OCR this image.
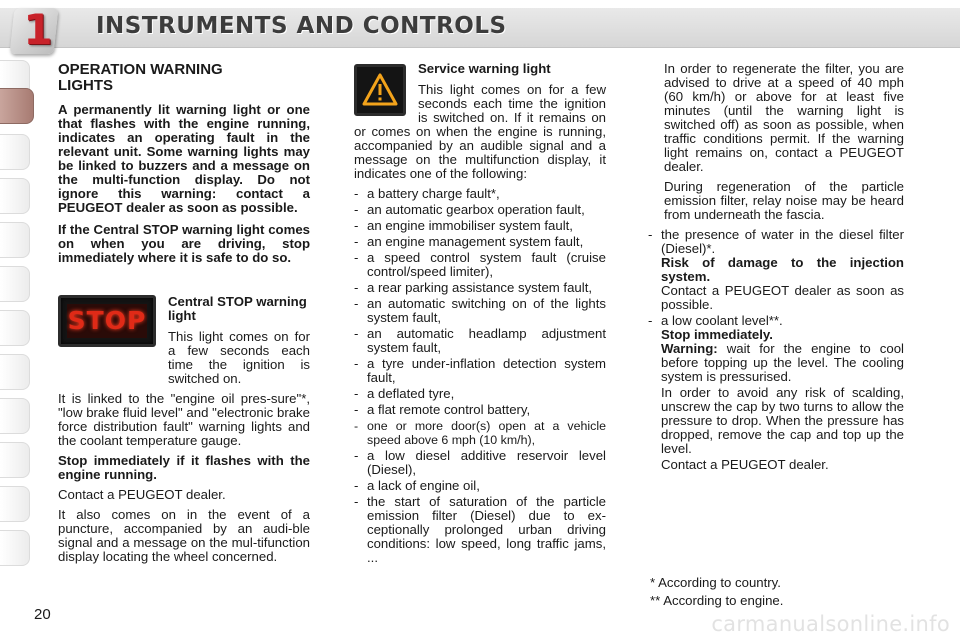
1 INSTRUMENTS AND CONTROLS
OPERATION WARNING
LIGHTS
A permanently lit warning light or one that flashes with the engine running, indicates an operating fault in the relevant unit. Some warning lights may be linked to buzzers and a message on the multi-function display. Do not ignore this warning: contact a PEUGEOT dealer as soon as possible.
If the Central STOP warning light comes on when you are driving, stop immediately where it is safe to do so.
STOP
Central STOP warning light
This light comes on for a few seconds each time the ignition is switched on.
It is linked to the "engine oil pres-sure"*, "low brake fluid level" and "electronic brake force distribution fault" warning lights and the coolant temperature gauge.
Stop immediately if it flashes with the engine running.
Contact a PEUGEOT dealer.
It also comes on in the event of a puncture, accompanied by an audi-ble signal and a message on the mul-tifunction display locating the wheel concerned.
Service warning light
This light comes on for a few seconds each time the ignition is switched on. If it remains on or comes on when the engine is running, accompanied by an audible signal and a message on the multifunction display, it indicates one of the following:
- a battery charge fault*,
- an automatic gearbox operation fault,
- an engine immobiliser system fault,
- an engine management system fault,
- a speed control system fault (cruise control/speed limiter),
- a rear parking assistance system fault,
- an automatic switching on of the lights system fault,
- an automatic headlamp adjustment system fault,
- a tyre under-inflation detection system fault,
- a deflated tyre,
- a flat remote control battery,
- one or more door(s) open at a vehicle speed above 6 mph (10 km/h),
- a low diesel additive reservoir level (Diesel),
- a lack of engine oil,
- the start of saturation of the particle emission filter (Diesel) due to ex-ceptionally prolonged urban driving conditions: low speed, long traffic jams, ...
In order to regenerate the filter, you are advised to drive at a speed of 40 mph (60 km/h) or above for at least five minutes (until the warning light is switched off) as soon as possible, when traffic conditions permit. If the warning light remains on, contact a PEUGEOT dealer.
During regeneration of the particle emission filter, relay noise may be heard from underneath the fascia.
- the presence of water in the diesel filter (Diesel)*.
Risk of damage to the injection system.
Contact a PEUGEOT dealer as soon as possible.
- a low coolant level**.
Stop immediately.
Warning: wait for the engine to cool before topping up the level. The cooling system is pressurised.
In order to avoid any risk of scalding, unscrew the cap by two turns to allow the pressure to drop. When the pressure has dropped, remove the cap and top up the level.
Contact a PEUGEOT dealer.
* According to country.
** According to engine.
20	carmanualsonline.info
